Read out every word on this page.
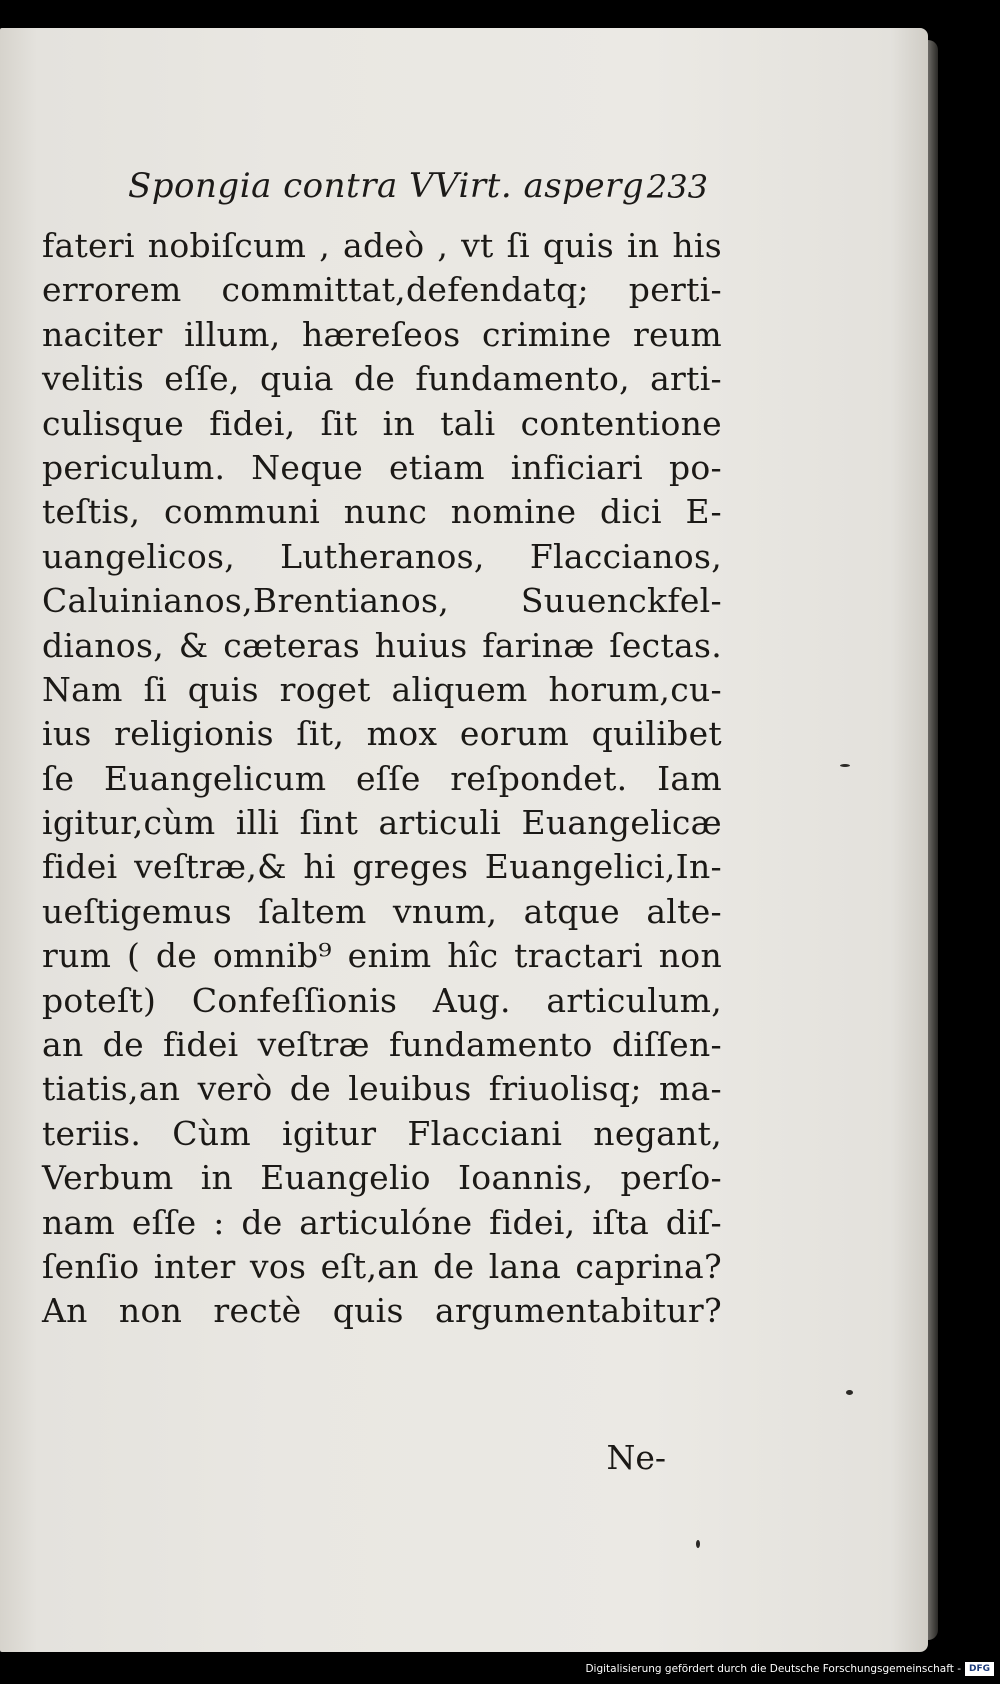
Spongia contra VVirt. asperg.
233
fateri nobiſcum , adeò , vt ſi quis in his
errorem committat,defendatq; perti-
naciter illum, hæreſeos crimine reum
velitis eſſe, quia de fundamento, arti-
culisque fidei, ſit in tali contentione
periculum. Neque etiam inficiari po-
teſtis, communi nunc nomine dici E-
uangelicos, Lutheranos, Flaccianos,
Caluinianos,Brentianos, Suuenckfel-
dianos, & cæteras huius farinæ ſectas.
Nam ſi quis roget aliquem horum,cu-
ius religionis ſit, mox eorum quilibet
ſe Euangelicum eſſe reſpondet. Iam
igitur,cùm illi ſint articuli Euangelicæ
fidei veſtræ,& hi greges Euangelici,In-
ueſtigemus ſaltem vnum, atque alte-
rum ( de omnib⁹ enim hîc tractari non
poteſt) Confeſſionis Aug. articulum,
an de fidei veſtræ fundamento diſſen-
tiatis,an verò de leuibus friuolisq; ma-
teriis. Cùm igitur Flacciani negant,
Verbum in Euangelio Ioannis, perſo-
nam eſſe : de articulóne fidei, iſta diſ-
ſenſio inter vos eſt,an de lana caprina?
An non rectè quis argumentabitur?
Ne-
Digitalisierung gefördert durch die Deutsche Forschungsgemeinschaft - DFG
